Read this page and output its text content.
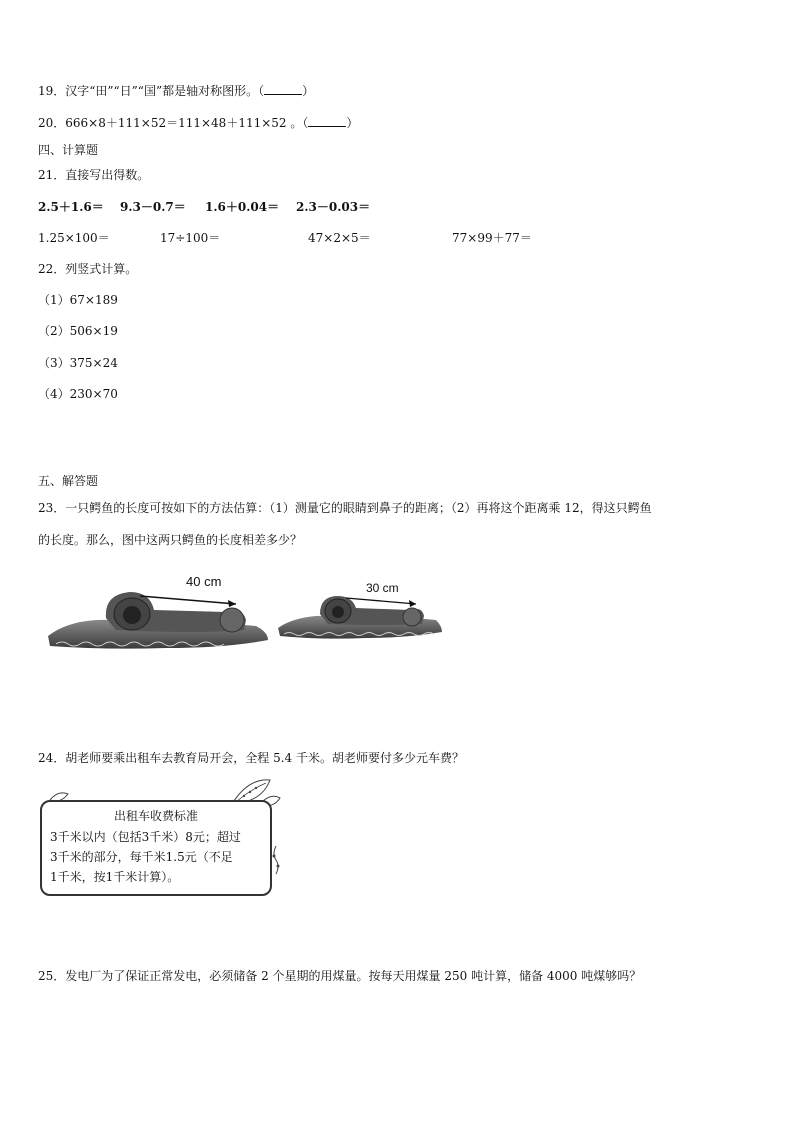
19．汉字“田”“日”“国”都是轴对称图形。（	）
20．666×8＋111×52＝111×48＋111×52 。（	）
四、计算题
21．直接写出得数。
2.5＋1.6＝ 9.3－0.7＝ 1.6＋0.04＝ 2.3－0.03＝
1.25×100＝	17÷100＝	47×2×5＝	77×99＋77＝
22．列竖式计算。
（1）67×189
（2）506×19
（3）375×24
（4）230×70
五、解答题
23．一只鳄鱼的长度可按如下的方法估算：（1）测量它的眼睛到鼻子的距离；（2）再将这个距离乘 12，得这只鳄鱼
的长度。那么，图中这两只鳄鱼的长度相差多少？
40 cm	30 cm
24．胡老师要乘出租车去教育局开会，全程 5.4 千米。胡老师要付多少元车费？
出租车收费标准
3千米以内（包括3千米）8元；超过
3千米的部分，每千米1.5元（不足
1千米，按1千米计算）。
25．发电厂为了保证正常发电，必须储备 2 个星期的用煤量。按每天用煤量 250 吨计算，储备 4000 吨煤够吗？
